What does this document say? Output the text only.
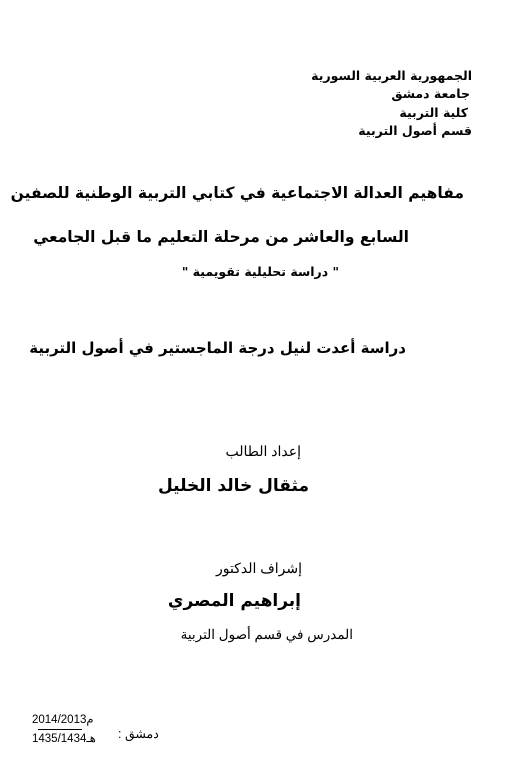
الجمهورية العربية السورية
جامعة دمشق
كلية التربية
قسم أصول التربية
مفاهيم العدالة الاجتماعية في كتابي التربية الوطنية للصفين
السابع والعاشر من مرحلة التعليم ما قبل الجامعي
" دراسة تحليلية تقويمية "
دراسة أعدت لنيل درجة الماجستير في أصول التربية
إعداد الطالب
مثقال خالد الخليل
إشراف الدكتور
إبراهيم المصري
المدرس في قسم أصول التربية
دمشق :
2014/2013م
1435/1434هـ
